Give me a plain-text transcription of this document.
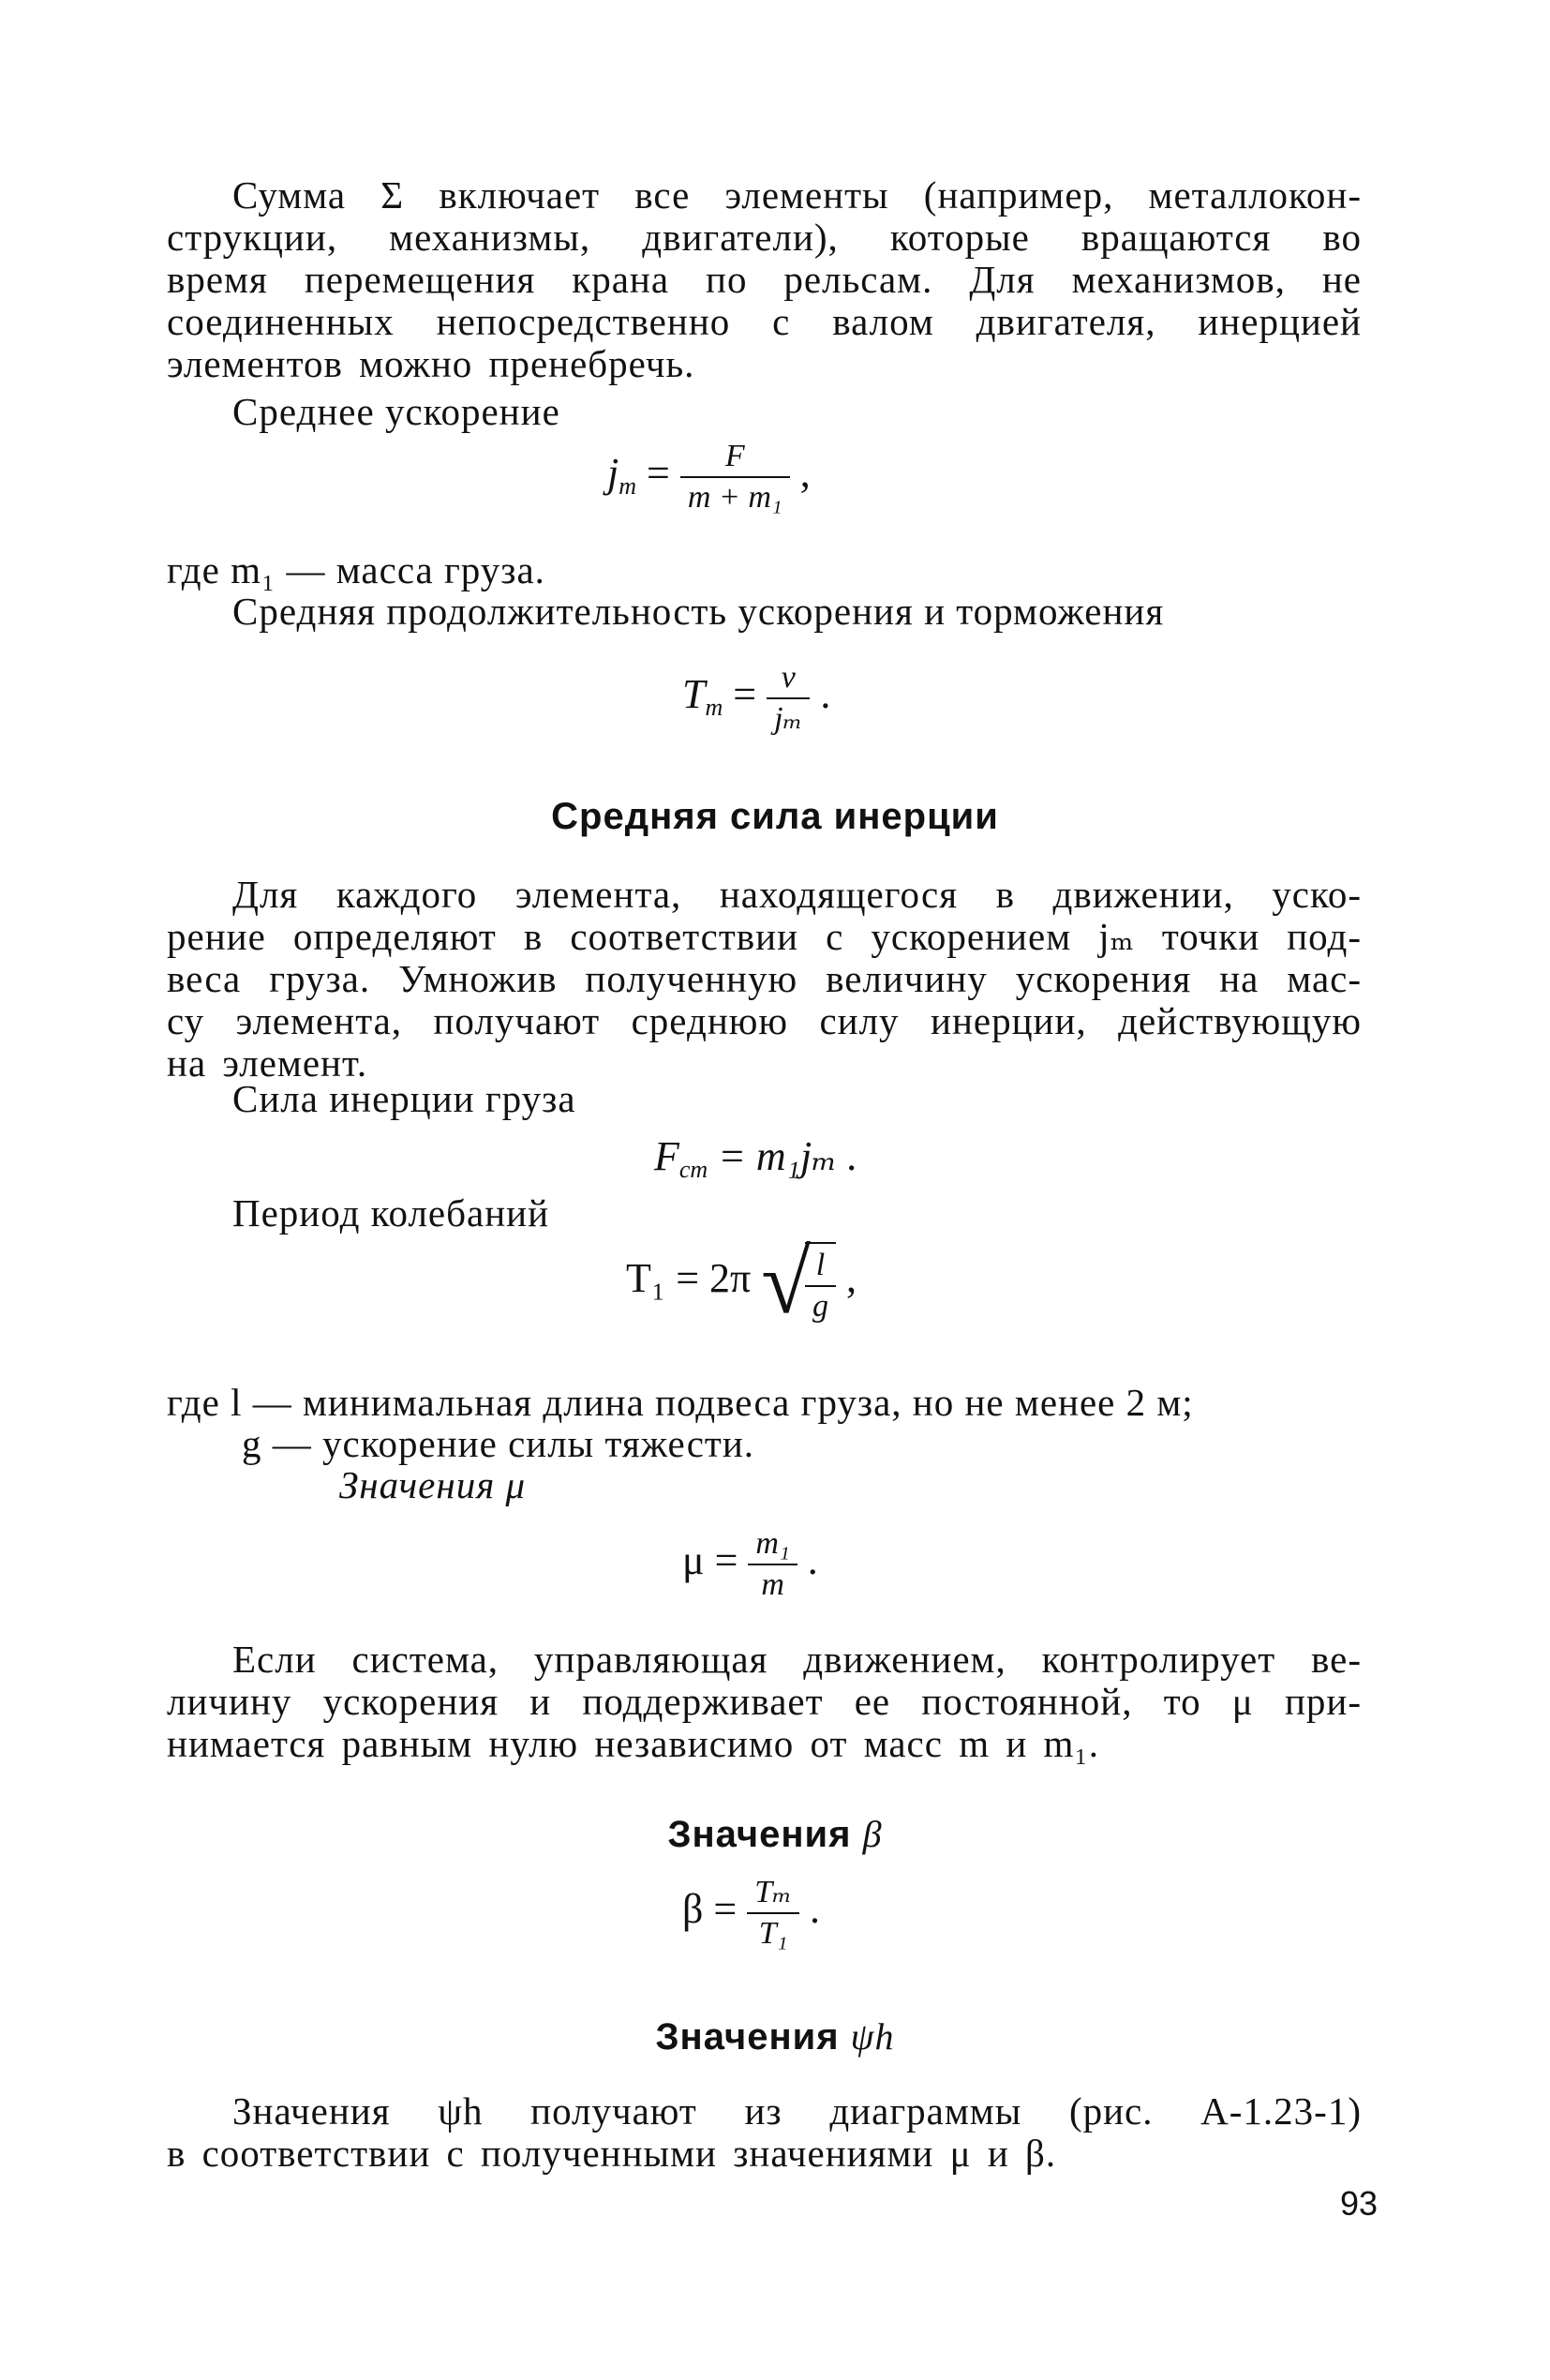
Сумма Σ включает все элементы (например, металлокон-
струкции, механизмы, двигатели), которые вращаются во
время перемещения крана по рельсам. Для механизмов, не
соединенных непосредственно с валом двигателя, инерцией
элементов можно пренебречь.
Среднее ускорение
$j_m = \frac{F}{\text{m + m₁}}$ ,
где m₁ — масса груза.
Средняя продолжительность ускорения и торможения
$T_m = \frac{v}{\text{jₘ}}$ .
Средняя сила инерции
Для каждого элемента, находящегося в движении, уско-
рение определяют в соответствии с ускорением jₘ точки под-
веса груза. Умножив полученную величину ускорения на мас-
су элемента, получают среднюю силу инерции, действующую
на элемент.
Сила инерции груза
$F_{cm} = m_1j_m$ .
Период колебаний
T₁ = 2π √
$\frac{l}{g}$ ,
где l — минимальная длина подвеса груза, но не менее 2 м;
g — ускорение силы тяжести.
Значения μ
$\mu = \frac{\text{m₁}}{m}$ .
Если система, управляющая движением, контролирует ве-
личину ускорения и поддерживает ее постоянной, то μ при-
нимается равным нулю независимо от масс m и m₁.
Значения β
$\beta = \frac{\text{Tₘ}}{\text{T₁}}$ .
Значения ψh
Значения ψh получают из диаграммы (рис. А-1.23-1)
в соответствии с полученными значениями μ и β.
93
